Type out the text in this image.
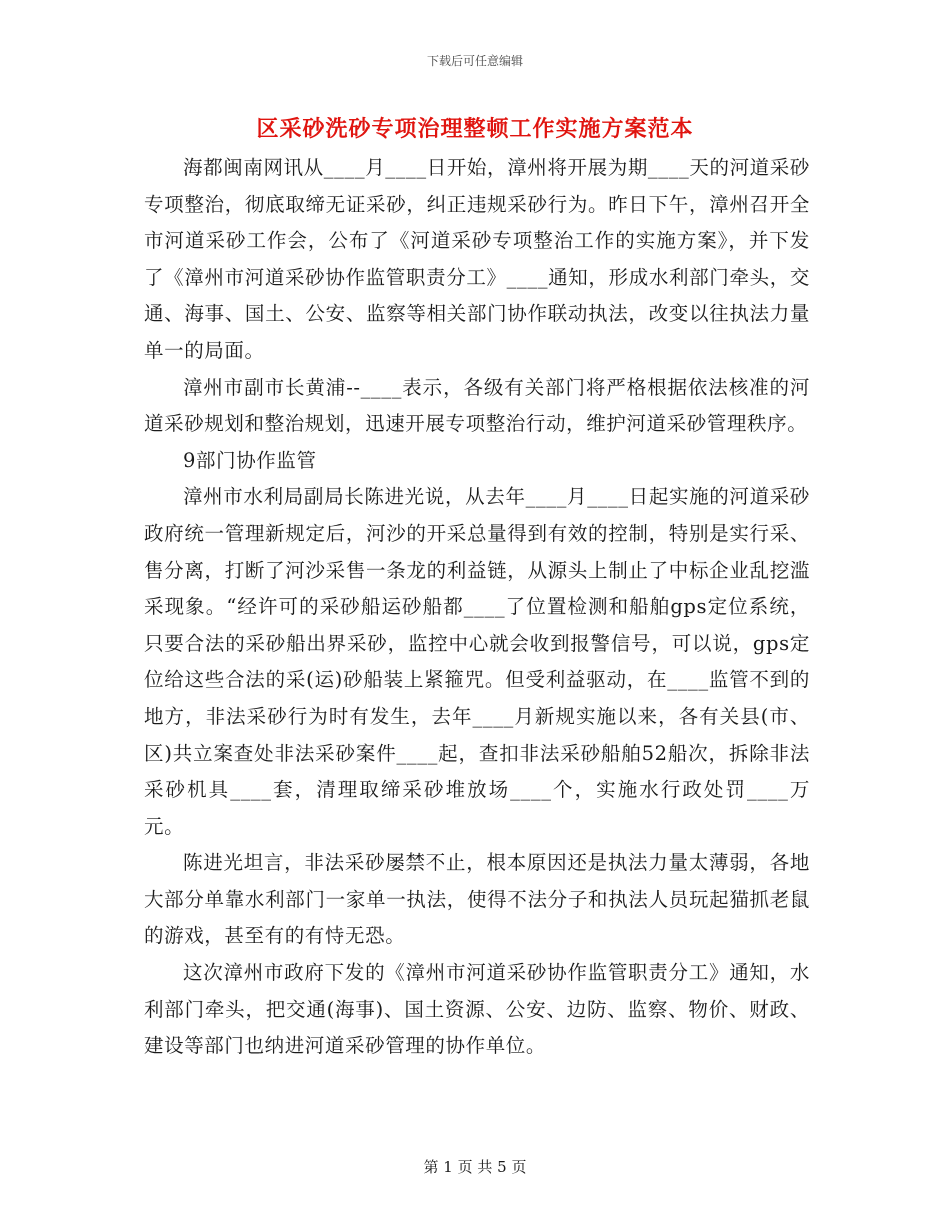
下载后可任意编辑
区采砂洗砂专项治理整顿工作实施方案范本

海都闽南网讯从____月____日开始，漳州将开展为期____天的河道采砂专项整治，彻底取缔无证采砂，纠正违规采砂行为。昨日下午，漳州召开全市河道采砂工作会，公布了《河道采砂专项整治工作的实施方案》，并下发了《漳州市河道采砂协作监管职责分工》____通知，形成水利部门牵头，交通、海事、国土、公安、监察等相关部门协作联动执法，改变以往执法力量单一的局面。

漳州市副市长黄浦--____表示，各级有关部门将严格根据依法核准的河道采砂规划和整治规划，迅速开展专项整治行动，维护河道采砂管理秩序。

9部门协作监管

漳州市水利局副局长陈进光说，从去年____月____日起实施的河道采砂政府统一管理新规定后，河沙的开采总量得到有效的控制，特别是实行采、售分离，打断了河沙采售一条龙的利益链，从源头上制止了中标企业乱挖滥采现象。“经许可的采砂船运砂船都____了位置检测和船舶gps定位系统，只要合法的采砂船出界采砂，监控中心就会收到报警信号，可以说，gps定位给这些合法的采(运)砂船装上紧箍咒。但受利益驱动，在____监管不到的地方，非法采砂行为时有发生，去年____月新规实施以来，各有关县(市、区)共立案查处非法采砂案件____起，查扣非法采砂船舶52船次，拆除非法采砂机具____套，清理取缔采砂堆放场____个，实施水行政处罚____万元。

陈进光坦言，非法采砂屡禁不止，根本原因还是执法力量太薄弱，各地大部分单靠水利部门一家单一执法，使得不法分子和执法人员玩起猫抓老鼠的游戏，甚至有的有恃无恐。

这次漳州市政府下发的《漳州市河道采砂协作监管职责分工》通知，水利部门牵头，把交通(海事)、国土资源、公安、边防、监察、物价、财政、建设等部门也纳进河道采砂管理的协作单位。

第 1 页 共 5 页
